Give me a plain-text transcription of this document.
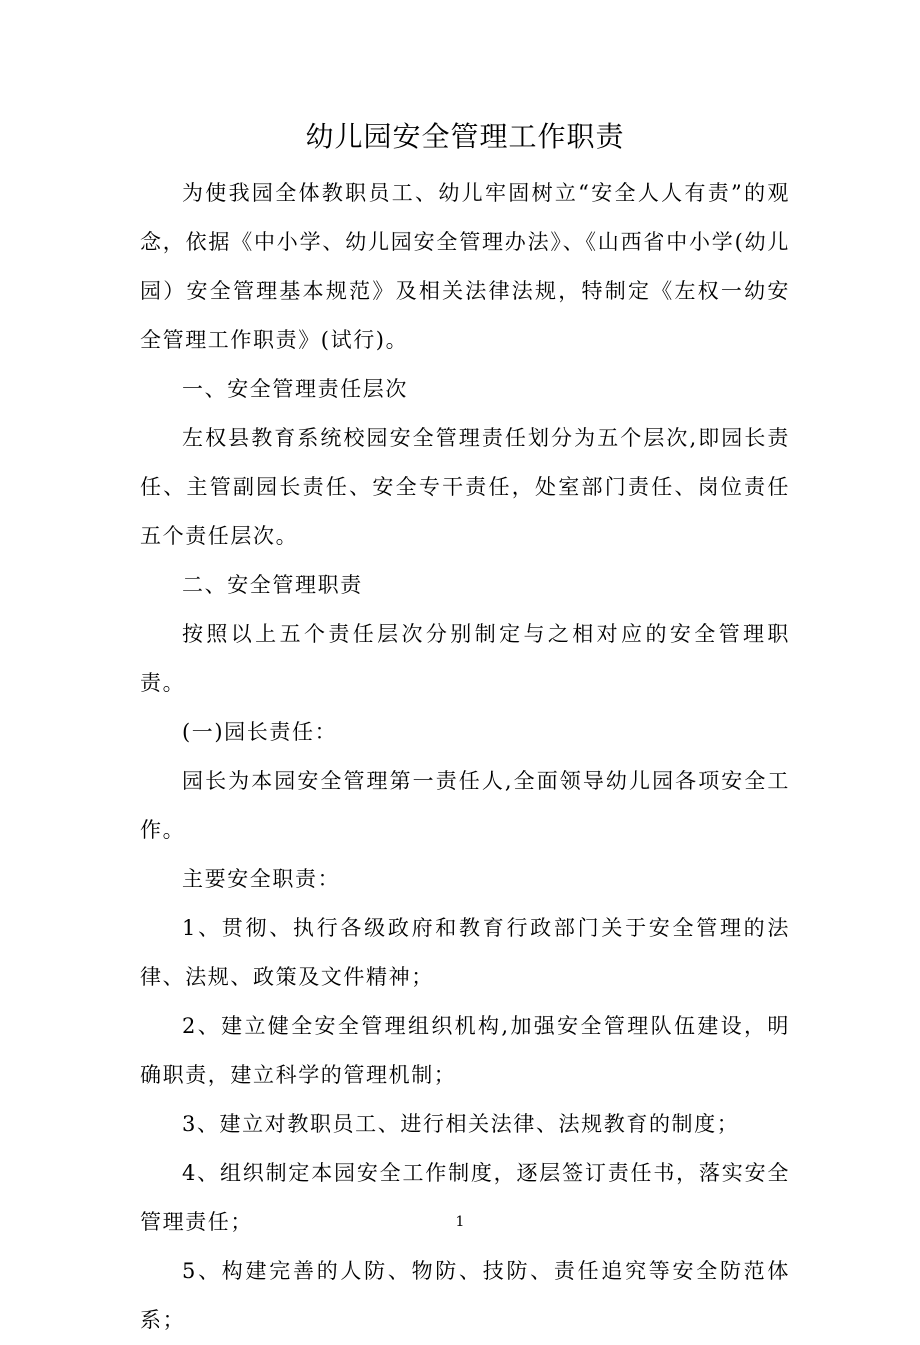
幼儿园安全管理工作职责

为使我园全体教职员工、幼儿牢固树立“安全人人有责”的观念，依据《中小学、幼儿园安全管理办法》、《山西省中小学(幼儿园）安全管理基本规范》及相关法律法规，特制定《左权一幼安全管理工作职责》(试行)。

一、安全管理责任层次

左权县教育系统校园安全管理责任划分为五个层次,即园长责任、主管副园长责任、安全专干责任，处室部门责任、岗位责任五个责任层次。

二、安全管理职责

按照以上五个责任层次分别制定与之相对应的安全管理职责。

(一)园长责任：

园长为本园安全管理第一责任人,全面领导幼儿园各项安全工作。

主要安全职责：

1、贯彻、执行各级政府和教育行政部门关于安全管理的法律、法规、政策及文件精神；

2、建立健全安全管理组织机构,加强安全管理队伍建设，明确职责，建立科学的管理机制；

3、建立对教职员工、进行相关法律、法规教育的制度；

4、组织制定本园安全工作制度，逐层签订责任书，落实安全管理责任；

5、构建完善的人防、物防、技防、责任追究等安全防范体系；

1
